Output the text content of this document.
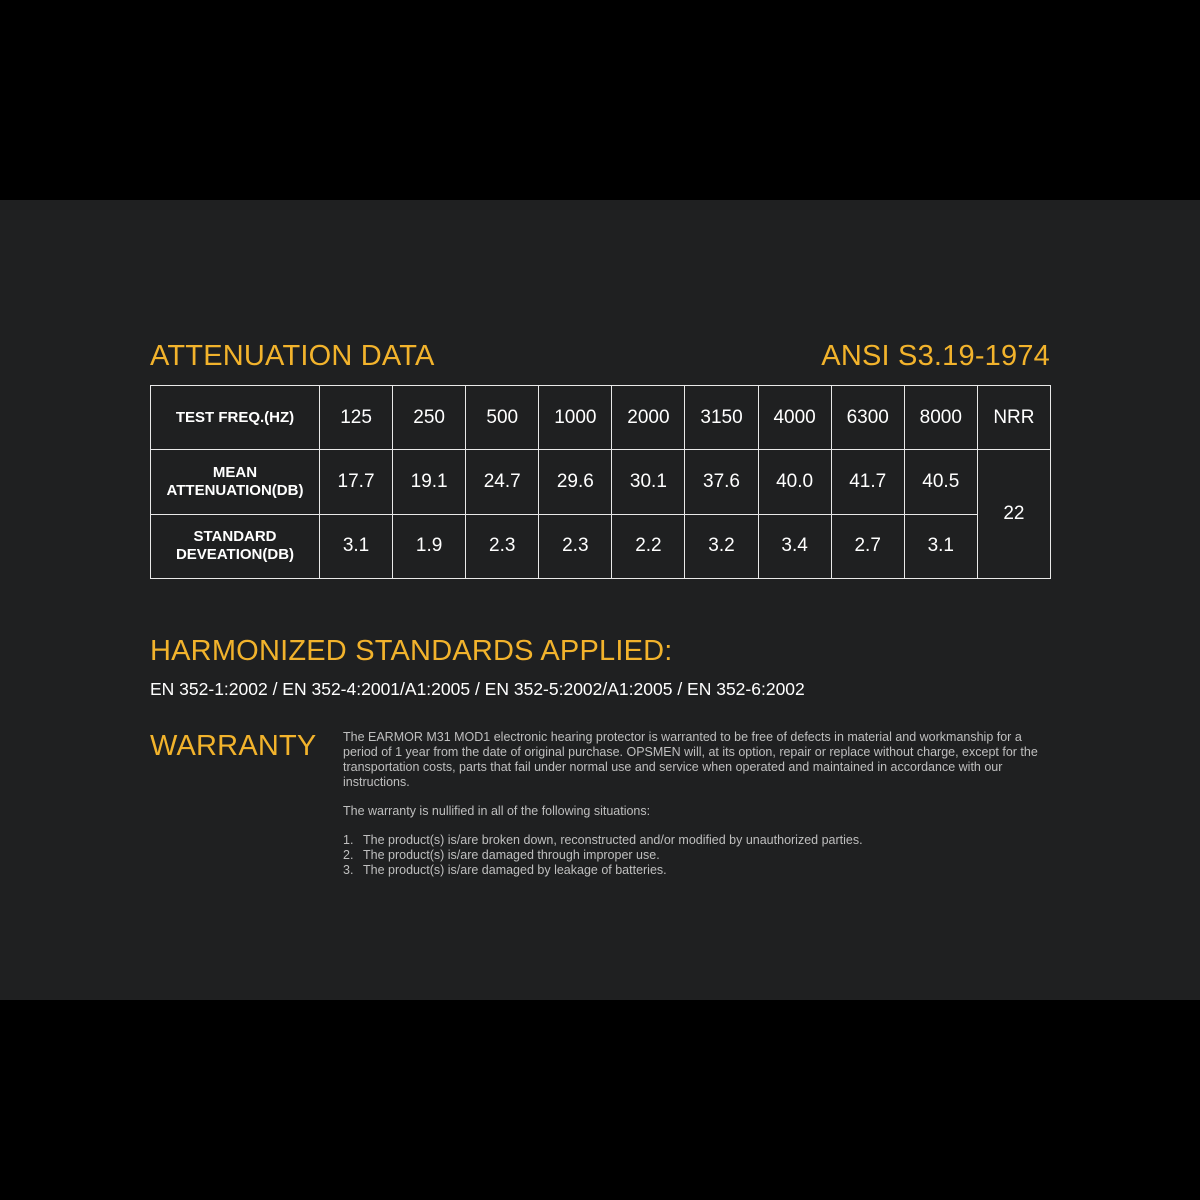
ATTENUATION DATA	ANSI S3.19-1974
TEST FREQ.(HZ)	125	250	500	1000	2000	3150	4000	6300	8000	NRR

MEAN
ATTENUATION(DB)	17.7	19.1	24.7	29.6	30.1	37.6	40.0	41.7	40.5	22

STANDARD
DEVEATION(DB)	3.1	1.9	2.3	2.3	2.2	3.2	3.4	2.7	3.1	
HARMONIZED STANDARDS APPLIED:
EN 352-1:2002 / EN 352-4:2001/A1:2005 / EN 352-5:2002/A1:2005 / EN 352-6:2002
WARRANTY The EARMOR M31 MOD1 electronic hearing protector is warranted to be free of defects in material and workmanship for a period of 1 year from the date of original purchase. OPSMEN will, at its option, repair or replace without charge, except for the transportation costs, parts that fail under normal use and service when operated and maintained in accordance with our instructions.

The warranty is nullified in all of the following situations:

1. The product(s) is/are broken down, reconstructed and/or modified by unauthorized parties.
2. The product(s) is/are damaged through improper use.
3. The product(s) is/are damaged by leakage of batteries.
